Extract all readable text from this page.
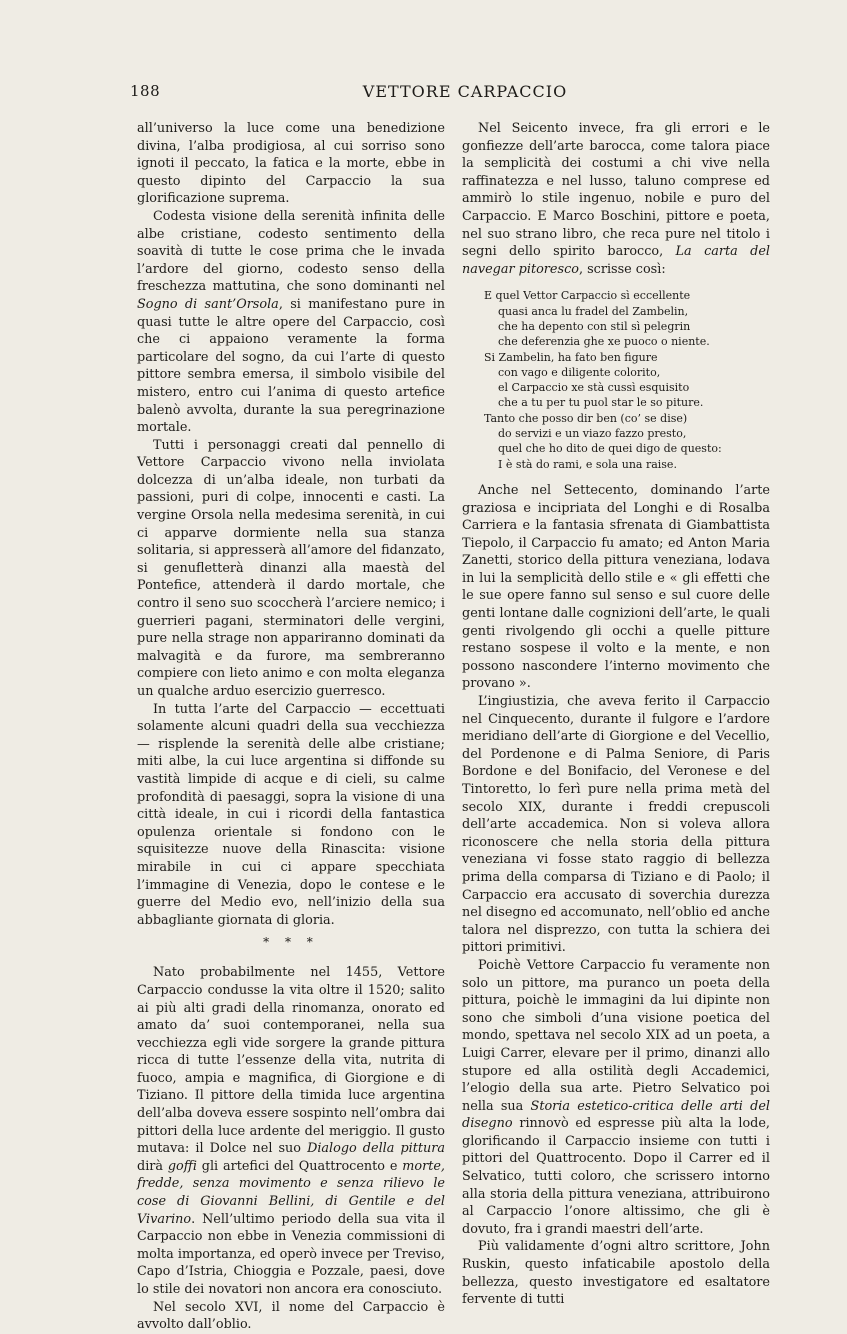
188	VETTORE CARPACCIO

all’universo la luce come una benedizione divina, l’alba prodigiosa, al cui sorriso sono ignoti il peccato, la fatica e la morte, ebbe in questo dipinto del Carpaccio la sua glorificazione suprema.

Codesta visione della serenità infinita delle albe cristiane, codesto sentimento della soavità di tutte le cose prima che le invada l’ardore del giorno, codesto senso della freschezza mattutina, che sono dominanti nel Sogno di sant’Orsola, si manifestano pure in quasi tutte le altre opere del Carpaccio, così che ci appaiono veramente la forma particolare del sogno, da cui l’arte di questo pittore sembra emersa, il simbolo visibile del mistero, entro cui l’anima di questo artefice balenò avvolta, durante la sua peregrinazione mortale.

Tutti i personaggi creati dal pennello di Vettore Carpaccio vivono nella inviolata dolcezza di un’alba ideale, non turbati da passioni, puri di colpe, innocenti e casti. La vergine Orsola nella medesima serenità, in cui ci apparve dormiente nella sua stanza solitaria, si appresserà all’amore del fidanzato, si genufletterà dinanzi alla maestà del Pontefice, attenderà il dardo mortale, che contro il seno suo scoccherà l’arciere nemico; i guerrieri pagani, sterminatori delle vergini, pure nella strage non appariranno dominati da malvagità e da furore, ma sembreranno compiere con lieto animo e con molta eleganza un qualche arduo esercizio guerresco.

In tutta l’arte del Carpaccio — eccettuati solamente alcuni quadri della sua vecchiezza — risplende la serenità delle albe cristiane; miti albe, la cui luce argentina si diffonde su vastità limpide di acque e di cieli, su calme profondità di paesaggi, sopra la visione di una città ideale, in cui i ricordi della fantastica opulenza orientale si fondono con le squisitezze nuove della Rinascita: visione mirabile in cui ci appare specchiata l’immagine di Venezia, dopo le contese e le guerre del Medio evo, nell’inizio della sua abbagliante giornata di gloria.

* * *

Nato probabilmente nel 1455, Vettore Carpaccio condusse la vita oltre il 1520; salito ai più alti gradi della rinomanza, onorato ed amato da’ suoi contemporanei, nella sua vecchiezza egli vide sorgere la grande pittura ricca di tutte l’essenze della vita, nutrita di fuoco, ampia e magnifica, di Giorgione e di Tiziano. Il pittore della timida luce argentina dell’alba doveva essere sospinto nell’ombra dai pittori della luce ardente del meriggio. Il gusto mutava: il Dolce nel suo Dialogo della pittura dirà goffi gli artefici del Quattrocento e morte, fredde, senza movimento e senza rilievo le cose di Giovanni Bellini, di Gentile e del Vivarino. Nell’ultimo periodo della sua vita il Carpaccio non ebbe in Venezia commissioni di molta importanza, ed operò invece per Treviso, Capo d’Istria, Chioggia e Pozzale, paesi, dove lo stile dei novatori non ancora era conosciuto.

Nel secolo XVI, il nome del Carpaccio è avvolto dall’oblio.

Nel Seicento invece, fra gli errori e le gonfiezze dell’arte barocca, come talora piace la semplicità dei costumi a chi vive nella raffinatezza e nel lusso, taluno comprese ed ammirò lo stile ingenuo, nobile e puro del Carpaccio. E Marco Boschini, pittore e poeta, nel suo strano libro, che reca pure nel titolo i segni dello spirito barocco, La carta del navegar pitoresco, scrisse così:

E quel Vettor Carpaccio sì eccellente
quasi anca lu fradel del Zambelin,
che ha depento con stil sì pelegrin
che deferenzia ghe xe puoco o niente.
Si Zambelin, ha fato ben figure
con vago e diligente colorito,
el Carpaccio xe stà cussì esquisito
che a tu per tu puol star le so piture.
Tanto che posso dir ben (co’ se dise)
do servizi e un viazo fazzo presto,
quel che ho dito de quei digo de questo:
I è stà do rami, e sola una raise.

Anche nel Settecento, dominando l’arte graziosa e incipriata del Longhi e di Rosalba Carriera e la fantasia sfrenata di Giambattista Tiepolo, il Carpaccio fu amato; ed Anton Maria Zanetti, storico della pittura veneziana, lodava in lui la semplicità dello stile e « gli effetti che le sue opere fanno sul senso e sul cuore delle genti lontane dalle cognizioni dell’arte, le quali genti rivolgendo gli occhi a quelle pitture restano sospese il volto e la mente, e non possono nascondere l’interno movimento che provano ».

L’ingiustizia, che aveva ferito il Carpaccio nel Cinquecento, durante il fulgore e l’ardore meridiano dell’arte di Giorgione e del Vecellio, del Pordenone e di Palma Seniore, di Paris Bordone e del Bonifacio, del Veronese e del Tintoretto, lo ferì pure nella prima metà del secolo XIX, durante i freddi crepuscoli dell’arte accademica. Non si voleva allora riconoscere che nella storia della pittura veneziana vi fosse stato raggio di bellezza prima della comparsa di Tiziano e di Paolo; il Carpaccio era accusato di soverchia durezza nel disegno ed accomunato, nell’oblio ed anche talora nel disprezzo, con tutta la schiera dei pittori primitivi.

Poichè Vettore Carpaccio fu veramente non solo un pittore, ma puranco un poeta della pittura, poichè le immagini da lui dipinte non sono che simboli d’una visione poetica del mondo, spettava nel secolo XIX ad un poeta, a Luigi Carrer, elevare per il primo, dinanzi allo stupore ed alla ostilità degli Accademici, l’elogio della sua arte. Pietro Selvatico poi nella sua Storia estetico-critica delle arti del disegno rinnovò ed espresse più alta la lode, glorificando il Carpaccio insieme con tutti i pittori del Quattrocento. Dopo il Carrer ed il Selvatico, tutti coloro, che scrissero intorno alla storia della pittura veneziana, attribuirono al Carpaccio l’onore altissimo, che gli è dovuto, fra i grandi maestri dell’arte.

Più validamente d’ogni altro scrittore, John Ruskin, questo infaticabile apostolo della bellezza, questo investigatore ed esaltatore fervente di tutti
